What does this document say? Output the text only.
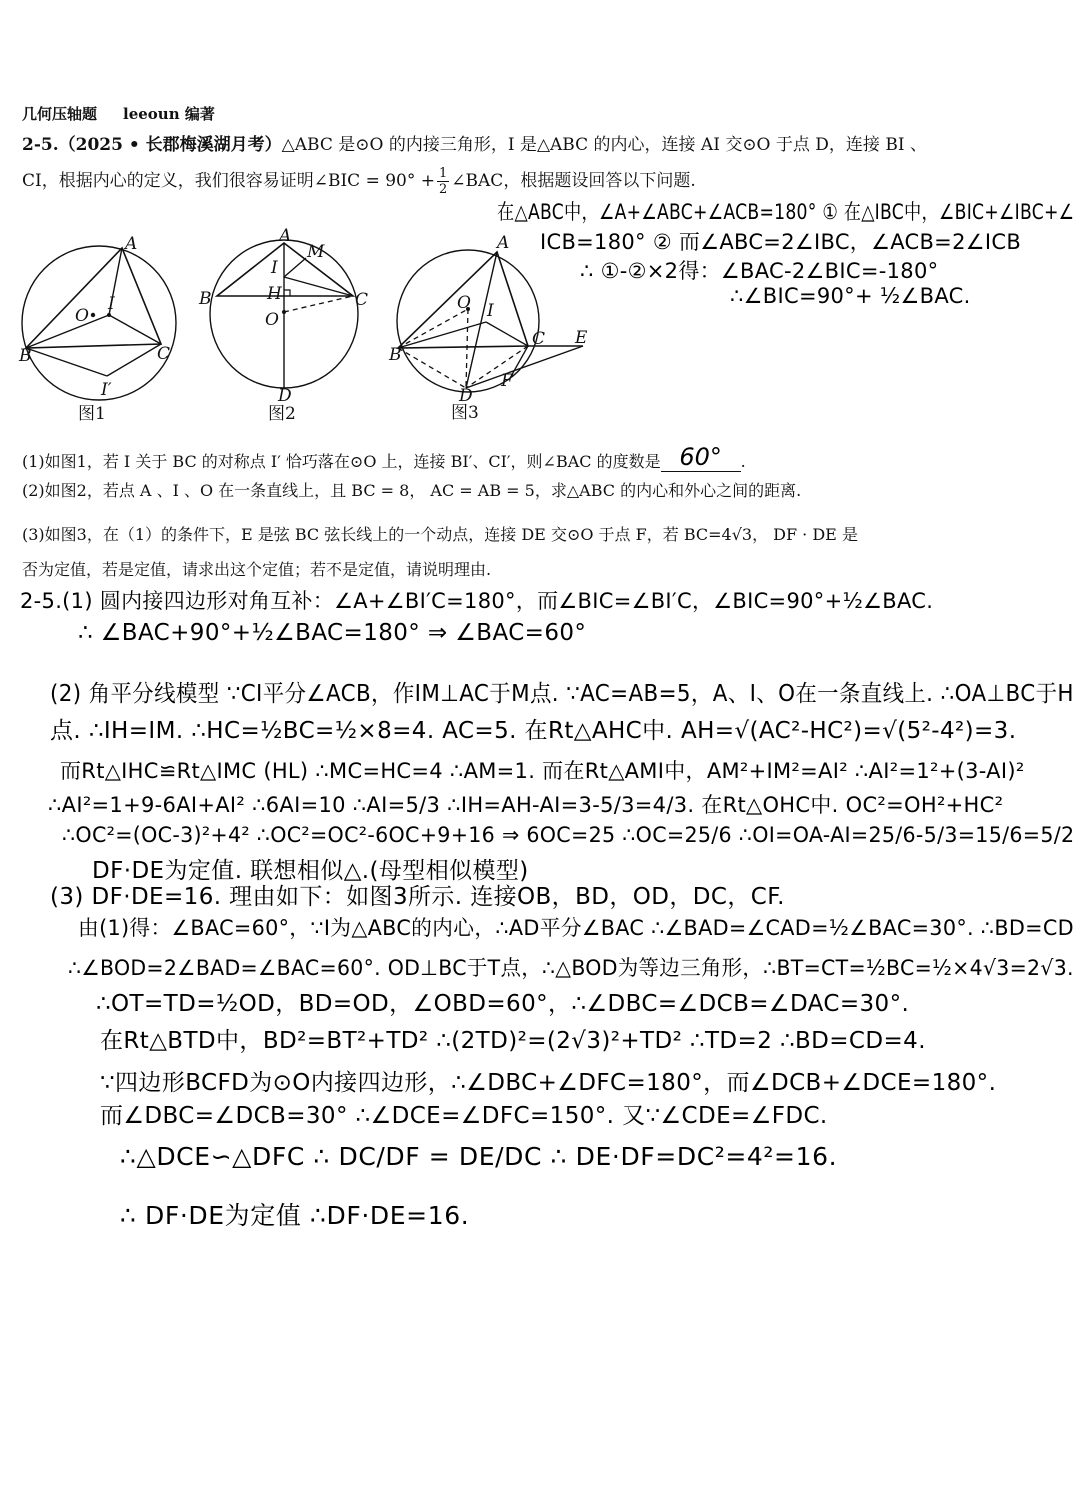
几何压轴题 leeoun 编著
2-5.（2025 • 长郡梅溪湖月考）△ABC 是⊙O 的内接三角形，I 是△ABC 的内心，连接 AI 交⊙O 于点 D，连接 BI 、
CI，根据内心的定义，我们很容易证明∠BIC = $90^\circ + \frac{1}{2}$ ∠BAC，根据题设回答以下问题.
在△ABC中，∠A+∠ABC+∠ACB=180° ① 在△IBC中，∠BIC+∠IBC+∠
ICB=180° ② 而∠ABC=2∠IBC，∠ACB=2∠ICB
∴ ①-②×2得：∠BAC-2∠BIC=-180°
∴∠BIC=90°+ ½∠BAC.
A
B	C
O
I
I′
图1
A
I
M
B	H	C
O
D
图2
A
O I
B
C E
D
F
图3
(1)如图1，若 I 关于 BC 的对称点 I′ 恰巧落在⊙O 上，连接 BI′、CI′，则∠BAC 的度数是 60° .
(2)如图2，若点 A 、I 、O 在一条直线上，且 BC = 8， AC = AB = 5，求△ABC 的内心和外心之间的距离.
(3)如图3，在（1）的条件下，E 是弦 BC 弦长线上的一个动点，连接 DE 交⊙O 于点 F，若 BC=4√3， DF · DE 是
否为定值，若是定值，请求出这个定值；若不是定值，请说明理由.
2-5.(1) 圆内接四边形对角互补：∠A+∠BI′C=180°，而∠BIC=∠BI′C，∠BIC=90°+½∠BAC.
∴ ∠BAC+90°+½∠BAC=180° ⇒ ∠BAC=60°
(2) 角平分线模型 ∵CI平分∠ACB，作IM⊥AC于M点. ∵AC=AB=5，A、I、O在一条直线上. ∴OA⊥BC于H
点. ∴IH=IM. ∴HC=½BC=½×8=4. AC=5. 在Rt△AHC中. AH=√(AC²-HC²)=√(5²-4²)=3.
而Rt△IHC≌Rt△IMC (HL) ∴MC=HC=4 ∴AM=1. 而在Rt△AMI中，AM²+IM²=AI² ∴AI²=1²+(3-AI)²
∴AI²=1+9-6AI+AI² ∴6AI=10 ∴AI=5/3 ∴IH=AH-AI=3-5/3=4/3. 在Rt△OHC中. OC²=OH²+HC²
∴OC²=(OC-3)²+4² ∴OC²=OC²-6OC+9+16 ⇒ 6OC=25 ∴OC=25/6 ∴OI=OA-AI=25/6-5/3=15/6=5/2
DF·DE为定值. 联想相似△.(母型相似模型)
(3) DF·DE=16. 理由如下：如图3所示. 连接OB，BD，OD，DC，CF.
由(1)得：∠BAC=60°，∵I为△ABC的内心，∴AD平分∠BAC ∴∠BAD=∠CAD=½∠BAC=30°. ∴BD=CD
∴∠BOD=2∠BAD=∠BAC=60°. OD⊥BC于T点，∴△BOD为等边三角形，∴BT=CT=½BC=½×4√3=2√3.
∴OT=TD=½OD，BD=OD，∠OBD=60°，∴∠DBC=∠DCB=∠DAC=30°.
在Rt△BTD中，BD²=BT²+TD² ∴(2TD)²=(2√3)²+TD² ∴TD=2 ∴BD=CD=4.
∵四边形BCFD为⊙O内接四边形，∴∠DBC+∠DFC=180°，而∠DCB+∠DCE=180°.
而∠DBC=∠DCB=30° ∴∠DCE=∠DFC=150°. 又∵∠CDE=∠FDC.
∴△DCE∽△DFC ∴ DC/DF = DE/DC ∴ DE·DF=DC²=4²=16.
∴ DF·DE为定值 ∴DF·DE=16.
